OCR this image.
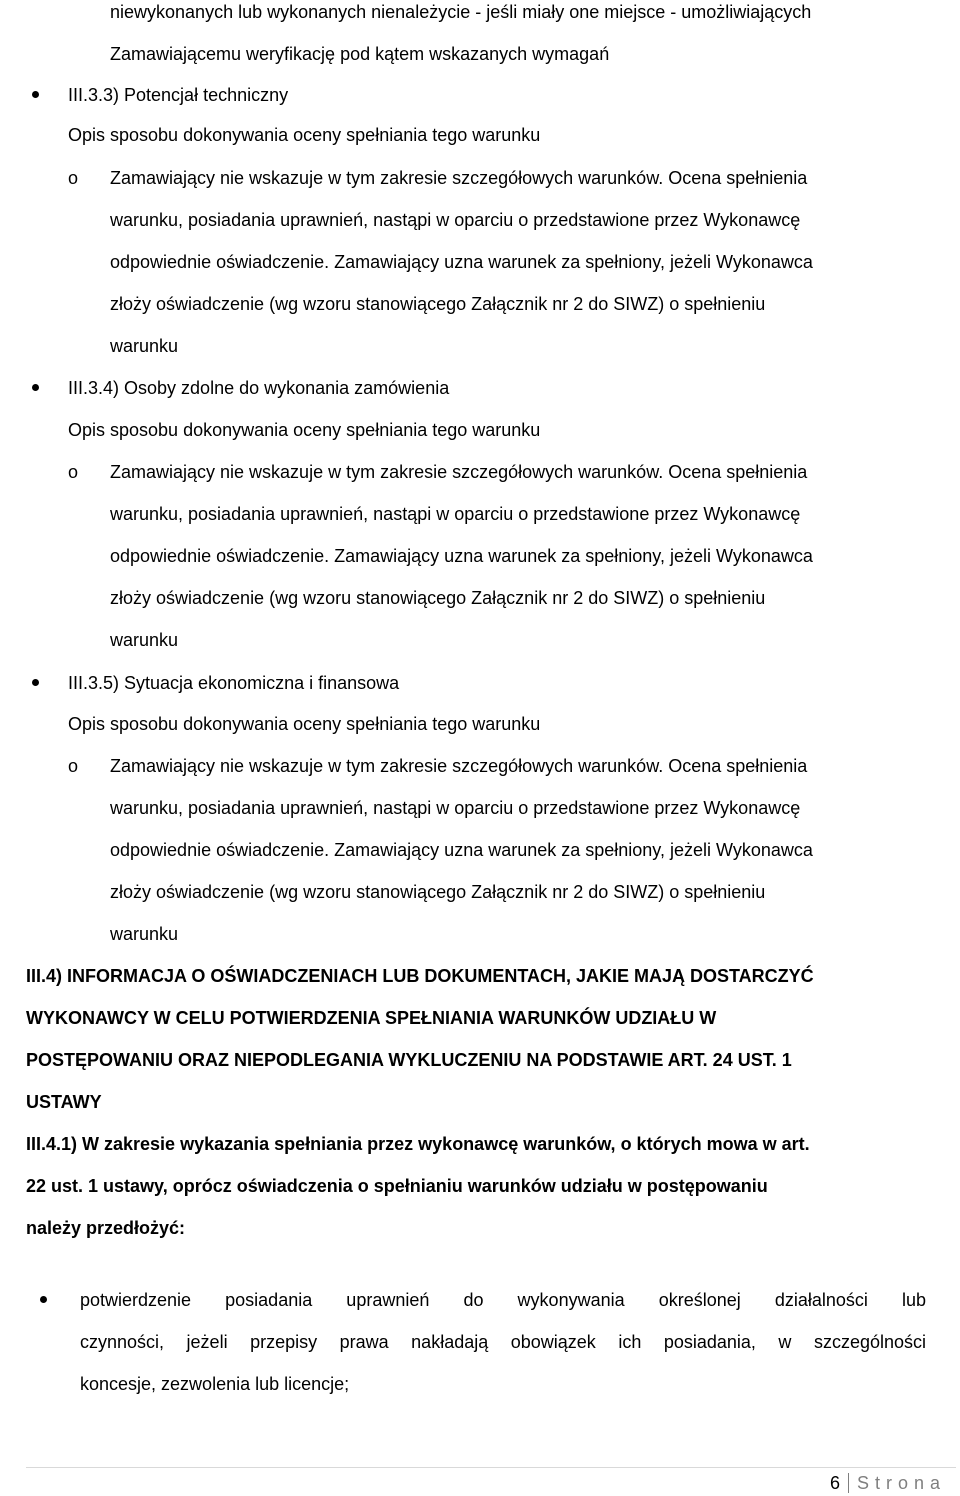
niewykonanych lub wykonanych nienależycie - jeśli miały one miejsce - umożliwiających
Zamawiającemu weryfikację pod kątem wskazanych wymagań
III.3.3) Potencjał techniczny
Opis sposobu dokonywania oceny spełniania tego warunku
o Zamawiający nie wskazuje w tym zakresie szczegółowych warunków. Ocena spełnienia
warunku, posiadania uprawnień, nastąpi w oparciu o przedstawione przez Wykonawcę
odpowiednie oświadczenie. Zamawiający uzna warunek za spełniony, jeżeli Wykonawca
złoży oświadczenie (wg wzoru stanowiącego Załącznik nr 2 do SIWZ) o spełnieniu
warunku
III.3.4) Osoby zdolne do wykonania zamówienia
Opis sposobu dokonywania oceny spełniania tego warunku
o Zamawiający nie wskazuje w tym zakresie szczegółowych warunków. Ocena spełnienia
warunku, posiadania uprawnień, nastąpi w oparciu o przedstawione przez Wykonawcę
odpowiednie oświadczenie. Zamawiający uzna warunek za spełniony, jeżeli Wykonawca
złoży oświadczenie (wg wzoru stanowiącego Załącznik nr 2 do SIWZ) o spełnieniu
warunku
III.3.5) Sytuacja ekonomiczna i finansowa
Opis sposobu dokonywania oceny spełniania tego warunku
o Zamawiający nie wskazuje w tym zakresie szczegółowych warunków. Ocena spełnienia
warunku, posiadania uprawnień, nastąpi w oparciu o przedstawione przez Wykonawcę
odpowiednie oświadczenie. Zamawiający uzna warunek za spełniony, jeżeli Wykonawca
złoży oświadczenie (wg wzoru stanowiącego Załącznik nr 2 do SIWZ) o spełnieniu
warunku
III.4) INFORMACJA O OŚWIADCZENIACH LUB DOKUMENTACH, JAKIE MAJĄ DOSTARCZYĆ
WYKONAWCY W CELU POTWIERDZENIA SPEŁNIANIA WARUNKÓW UDZIAŁU W
POSTĘPOWANIU ORAZ NIEPODLEGANIA WYKLUCZENIU NA PODSTAWIE ART. 24 UST. 1
USTAWY
III.4.1) W zakresie wykazania spełniania przez wykonawcę warunków, o których mowa w art.
22 ust. 1 ustawy, oprócz oświadczenia o spełnianiu warunków udziału w postępowaniu
należy przedłożyć:
potwierdzenie posiadania uprawnień do wykonywania określonej działalności lub
czynności, jeżeli przepisy prawa nakładają obowiązek ich posiadania, w szczególności
koncesje, zezwolenia lub licencje;
6 Strona
